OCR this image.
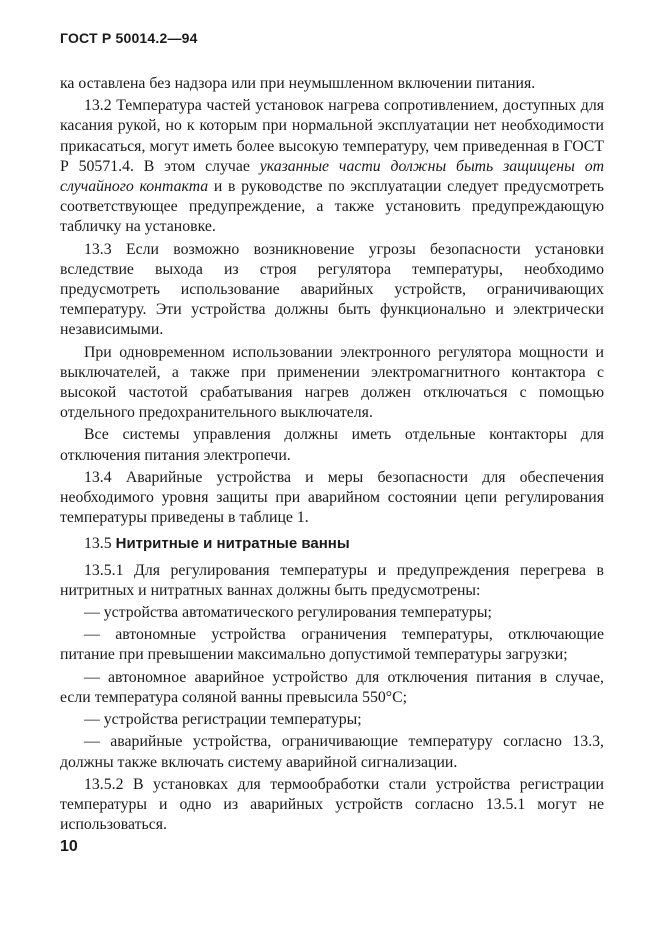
ГОСТ Р 50014.2—94

ка оставлена без надзора или при неумышленном включении питания.

13.2 Температура частей установок нагрева сопротивлением, доступных для касания рукой, но к которым при нормальной эксплуатации нет необходимости прикасаться, могут иметь более высокую температуру, чем приведенная в ГОСТ Р 50571.4. В этом случае указанные части должны быть защищены от случайного контакта и в руководстве по эксплуатации следует предусмотреть соответствующее предупреждение, а также установить предупреждающую табличку на установке.

13.3 Если возможно возникновение угрозы безопасности установки вследствие выхода из строя регулятора температуры, необходимо предусмотреть использование аварийных устройств, ограничивающих температуру. Эти устройства должны быть функционально и электрически независимыми.

При одновременном использовании электронного регулятора мощности и выключателей, а также при применении электромагнитного контактора с высокой частотой срабатывания нагрев должен отключаться с помощью отдельного предохранительного выключателя.

Все системы управления должны иметь отдельные контакторы для отключения питания электропечи.

13.4 Аварийные устройства и меры безопасности для обеспечения необходимого уровня защиты при аварийном состоянии цепи регулирования температуры приведены в таблице 1.

13.5 Нитритные и нитратные ванны

13.5.1 Для регулирования температуры и предупреждения перегрева в нитритных и нитратных ваннах должны быть предусмотрены:

— устройства автоматического регулирования температуры;

— автономные устройства ограничения температуры, отключающие питание при превышении максимально допустимой температуры загрузки;

— автономное аварийное устройство для отключения питания в случае, если температура соляной ванны превысила 550°С;

— устройства регистрации температуры;

— аварийные устройства, ограничивающие температуру согласно 13.3, должны также включать систему аварийной сигнализации.

13.5.2 В установках для термообработки стали устройства регистрации температуры и одно из аварийных устройств согласно 13.5.1 могут не использоваться.

10
